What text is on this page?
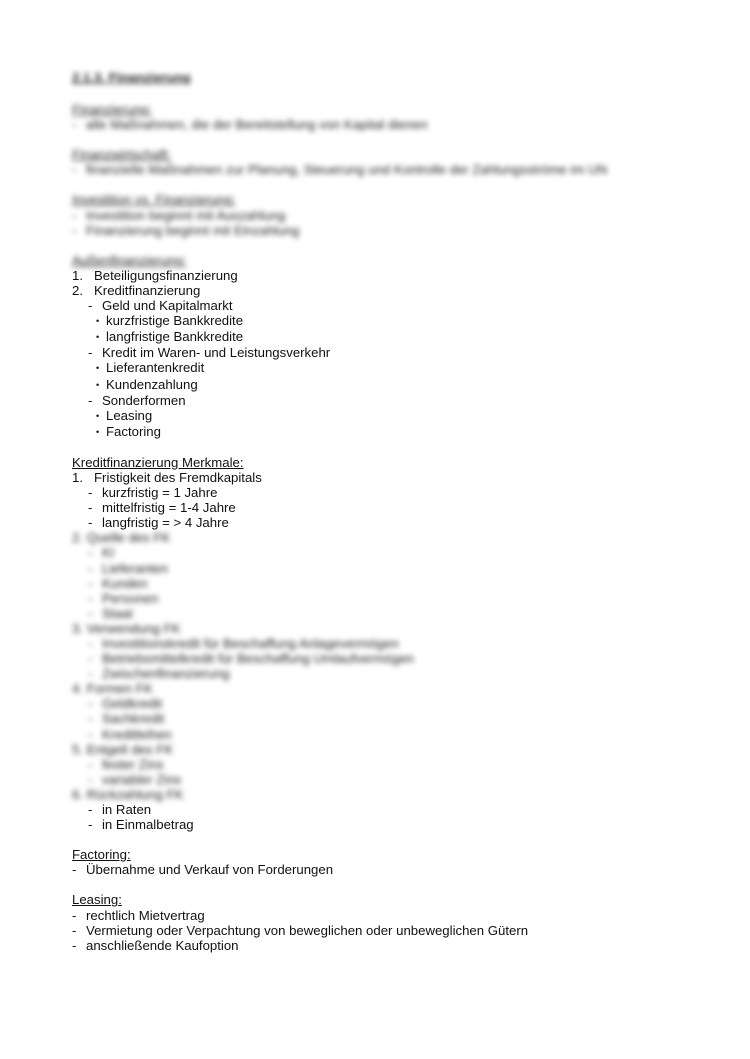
2.1.3. Finanzierung
Finanzierung:
- alle Maßnahmen, die der Bereitstellung von Kapital dienen
Finanzwirtschaft:
- finanzielle Maßnahmen zur Planung, Steuerung und Kontrolle der Zahlungsströme im UN
Investition vs. Finanzierung:
- Investition beginnt mit Auszahlung
- Finanzierung beginnt mit Einzahlung
Außenfinanzierung:
1. Beteiligungsfinanzierung
2. Kreditfinanzierung
- Geld und Kapitalmarkt
• kurzfristige Bankkredite
• langfristige Bankkredite
- Kredit im Waren- und Leistungsverkehr
• Lieferantenkredit
• Kundenzahlung
- Sonderformen
• Leasing
• Factoring
Kreditfinanzierung Merkmale:
1. Fristigkeit des Fremdkapitals
- kurzfristig = 1 Jahre
- mittelfristig = 1-4 Jahre
- langfristig = > 4 Jahre
2. Quelle des FK
- KI
- Lieferanten
- Kunden
- Personen
- Staat
3. Verwendung FK
- Investitionskredit für Beschaffung Anlagevermögen
- Betriebsmittelkredit für Beschaffung Umlaufvermögen
- Zwischenfinanzierung
4. Formen FK
- Geldkredit
- Sachkredit
- Kreditleihen
5. Entgelt des FK
- fester Zins
- variabler Zins
6. Rückzahlung FK
- in Raten
- in Einmalbetrag
Factoring:
- Übernahme und Verkauf von Forderungen
Leasing:
- rechtlich Mietvertrag
- Vermietung oder Verpachtung von beweglichen oder unbeweglichen Gütern
- anschließende Kaufoption
